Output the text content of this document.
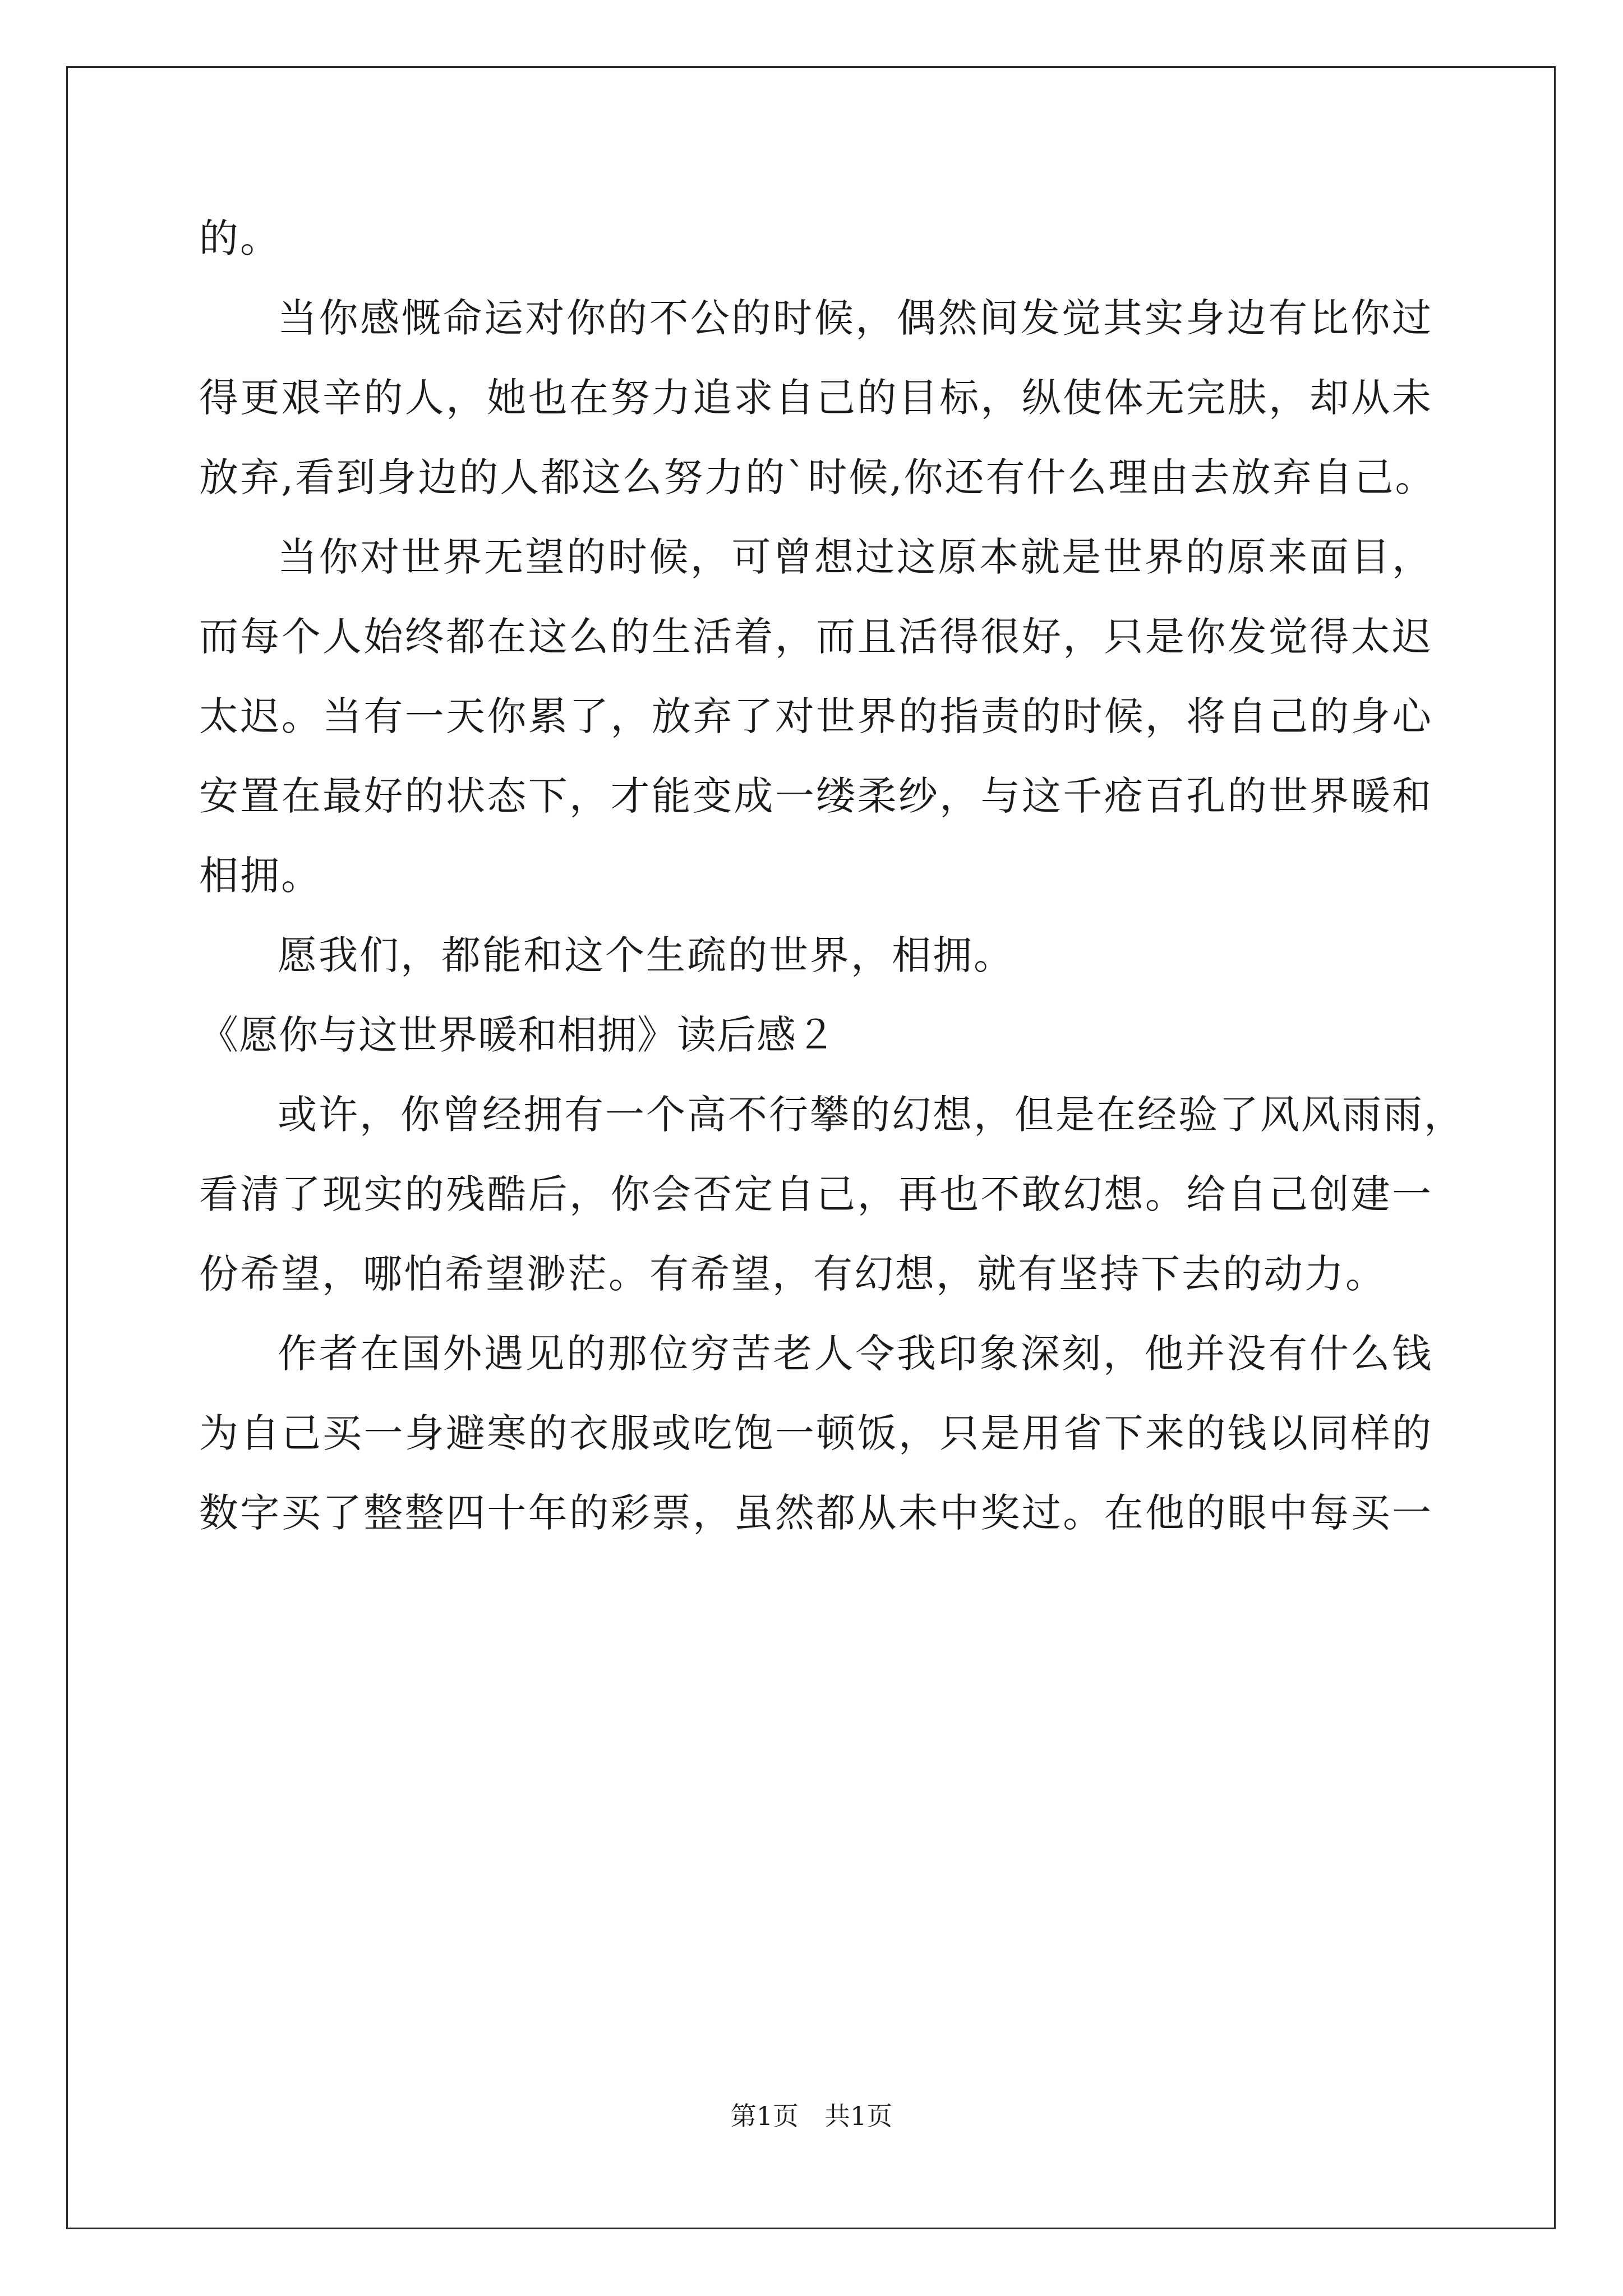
的。
当你感慨命运对你的不公的时候，偶然间发觉其实身边有比你过
得更艰辛的人，她也在努力追求自己的目标，纵使体无完肤，却从未
放弃,看到身边的人都这么努力的`时候,你还有什么理由去放弃自己。
当你对世界无望的时候，可曾想过这原本就是世界的原来面目，
而每个人始终都在这么的生活着，而且活得很好，只是你发觉得太迟
太迟。当有一天你累了，放弃了对世界的指责的时候，将自己的身心
安置在最好的状态下，才能变成一缕柔纱，与这千疮百孔的世界暖和
相拥。
愿我们，都能和这个生疏的世界，相拥。
《愿你与这世界暖和相拥》读后感２
或许，你曾经拥有一个高不行攀的幻想，但是在经验了风风雨雨，
看清了现实的残酷后，你会否定自己，再也不敢幻想。给自己创建一
份希望，哪怕希望渺茫。有希望，有幻想，就有坚持下去的动力。
作者在国外遇见的那位穷苦老人令我印象深刻，他并没有什么钱
为自己买一身避寒的衣服或吃饱一顿饭，只是用省下来的钱以同样的
数字买了整整四十年的彩票，虽然都从未中奖过。在他的眼中每买一
第1页　共1页
